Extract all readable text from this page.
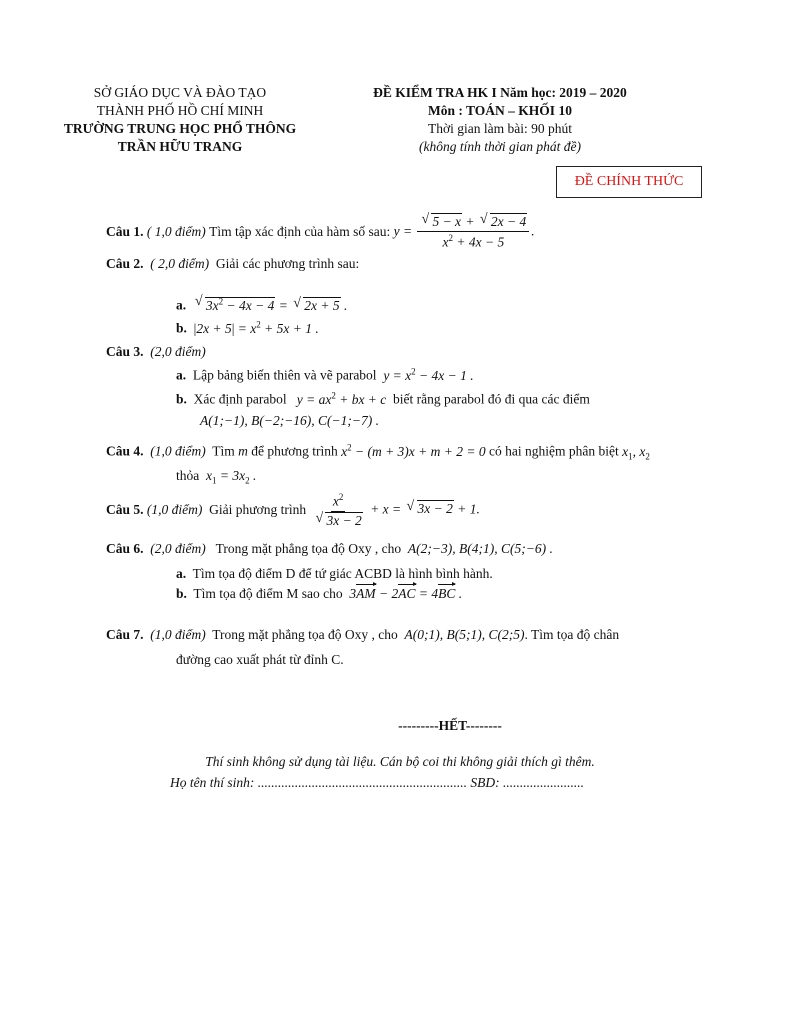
SỞ GIÁO DỤC VÀ ĐÀO TẠO
THÀNH PHỐ HỒ CHÍ MINH
TRƯỜNG TRUNG HỌC PHỔ THÔNG
TRẦN HỮU TRANG
ĐỀ KIỂM TRA HK I Năm học: 2019 – 2020
Môn : TOÁN – KHỐI 10
Thời gian làm bài: 90 phút
(không tính thời gian phát đề)
ĐỀ CHÍNH THỨC
Câu 1.
( 1,0 điểm)
Tìm tập xác định của hàm số sau:
y = √ $\frac{5 - x + √ 2x - 4}{x^2 + 4x - 5}$ .
Câu 2. ( 2,0 điểm) Giải các phương trình sau:
a. √ $3x^2 - 4x - 4$ = √ 2x + 5 .
b. $|2x + 5| = x^2 + 5x + 1$ .
Câu 3. (2,0 điểm)
a. Lập bảng biến thiên và vẽ parabol $y = x^2 - 4x - 1$ .
b. Xác định parabol $y = ax^2$ + bx + c biết rằng parabol đó đi qua các điểm
A(1;−1), B(−2;−16), C(−1;−7) .
Câu 4. (1,0 điểm) Tìm m để phương trình $x^2 - (m + 3)x + m + 2 = 0$ có hai nghiệm phân biệt $x_1$, $x_2$
thỏa $x_1 = 3x_2$ .
Câu 5.
(1,0 điểm)
Giải phương trình
$x^2$
√ 3x − 2 + x = √ 3x − 2 + 1.
Câu 6. (2,0 điểm) Trong mặt phẳng tọa độ Oxy , cho A(2;−3), B(4;1), C(5;−6) .
a. Tìm tọa độ điểm D để tứ giác ACBD là hình bình hành.
b. Tìm tọa độ điểm M sao cho 3AM − 2AC = 4BC .
Câu 7. (1,0 điểm) Trong mặt phẳng tọa độ Oxy , cho A(0;1), B(5;1), C(2;5). Tìm tọa độ chân
đường cao xuất phát từ đỉnh C.
---------HẾT--------
Thí sinh không sử dụng tài liệu. Cán bộ coi thi không giải thích gì thêm.
Họ tên thí sinh: .............................................................. SBD: ........................
